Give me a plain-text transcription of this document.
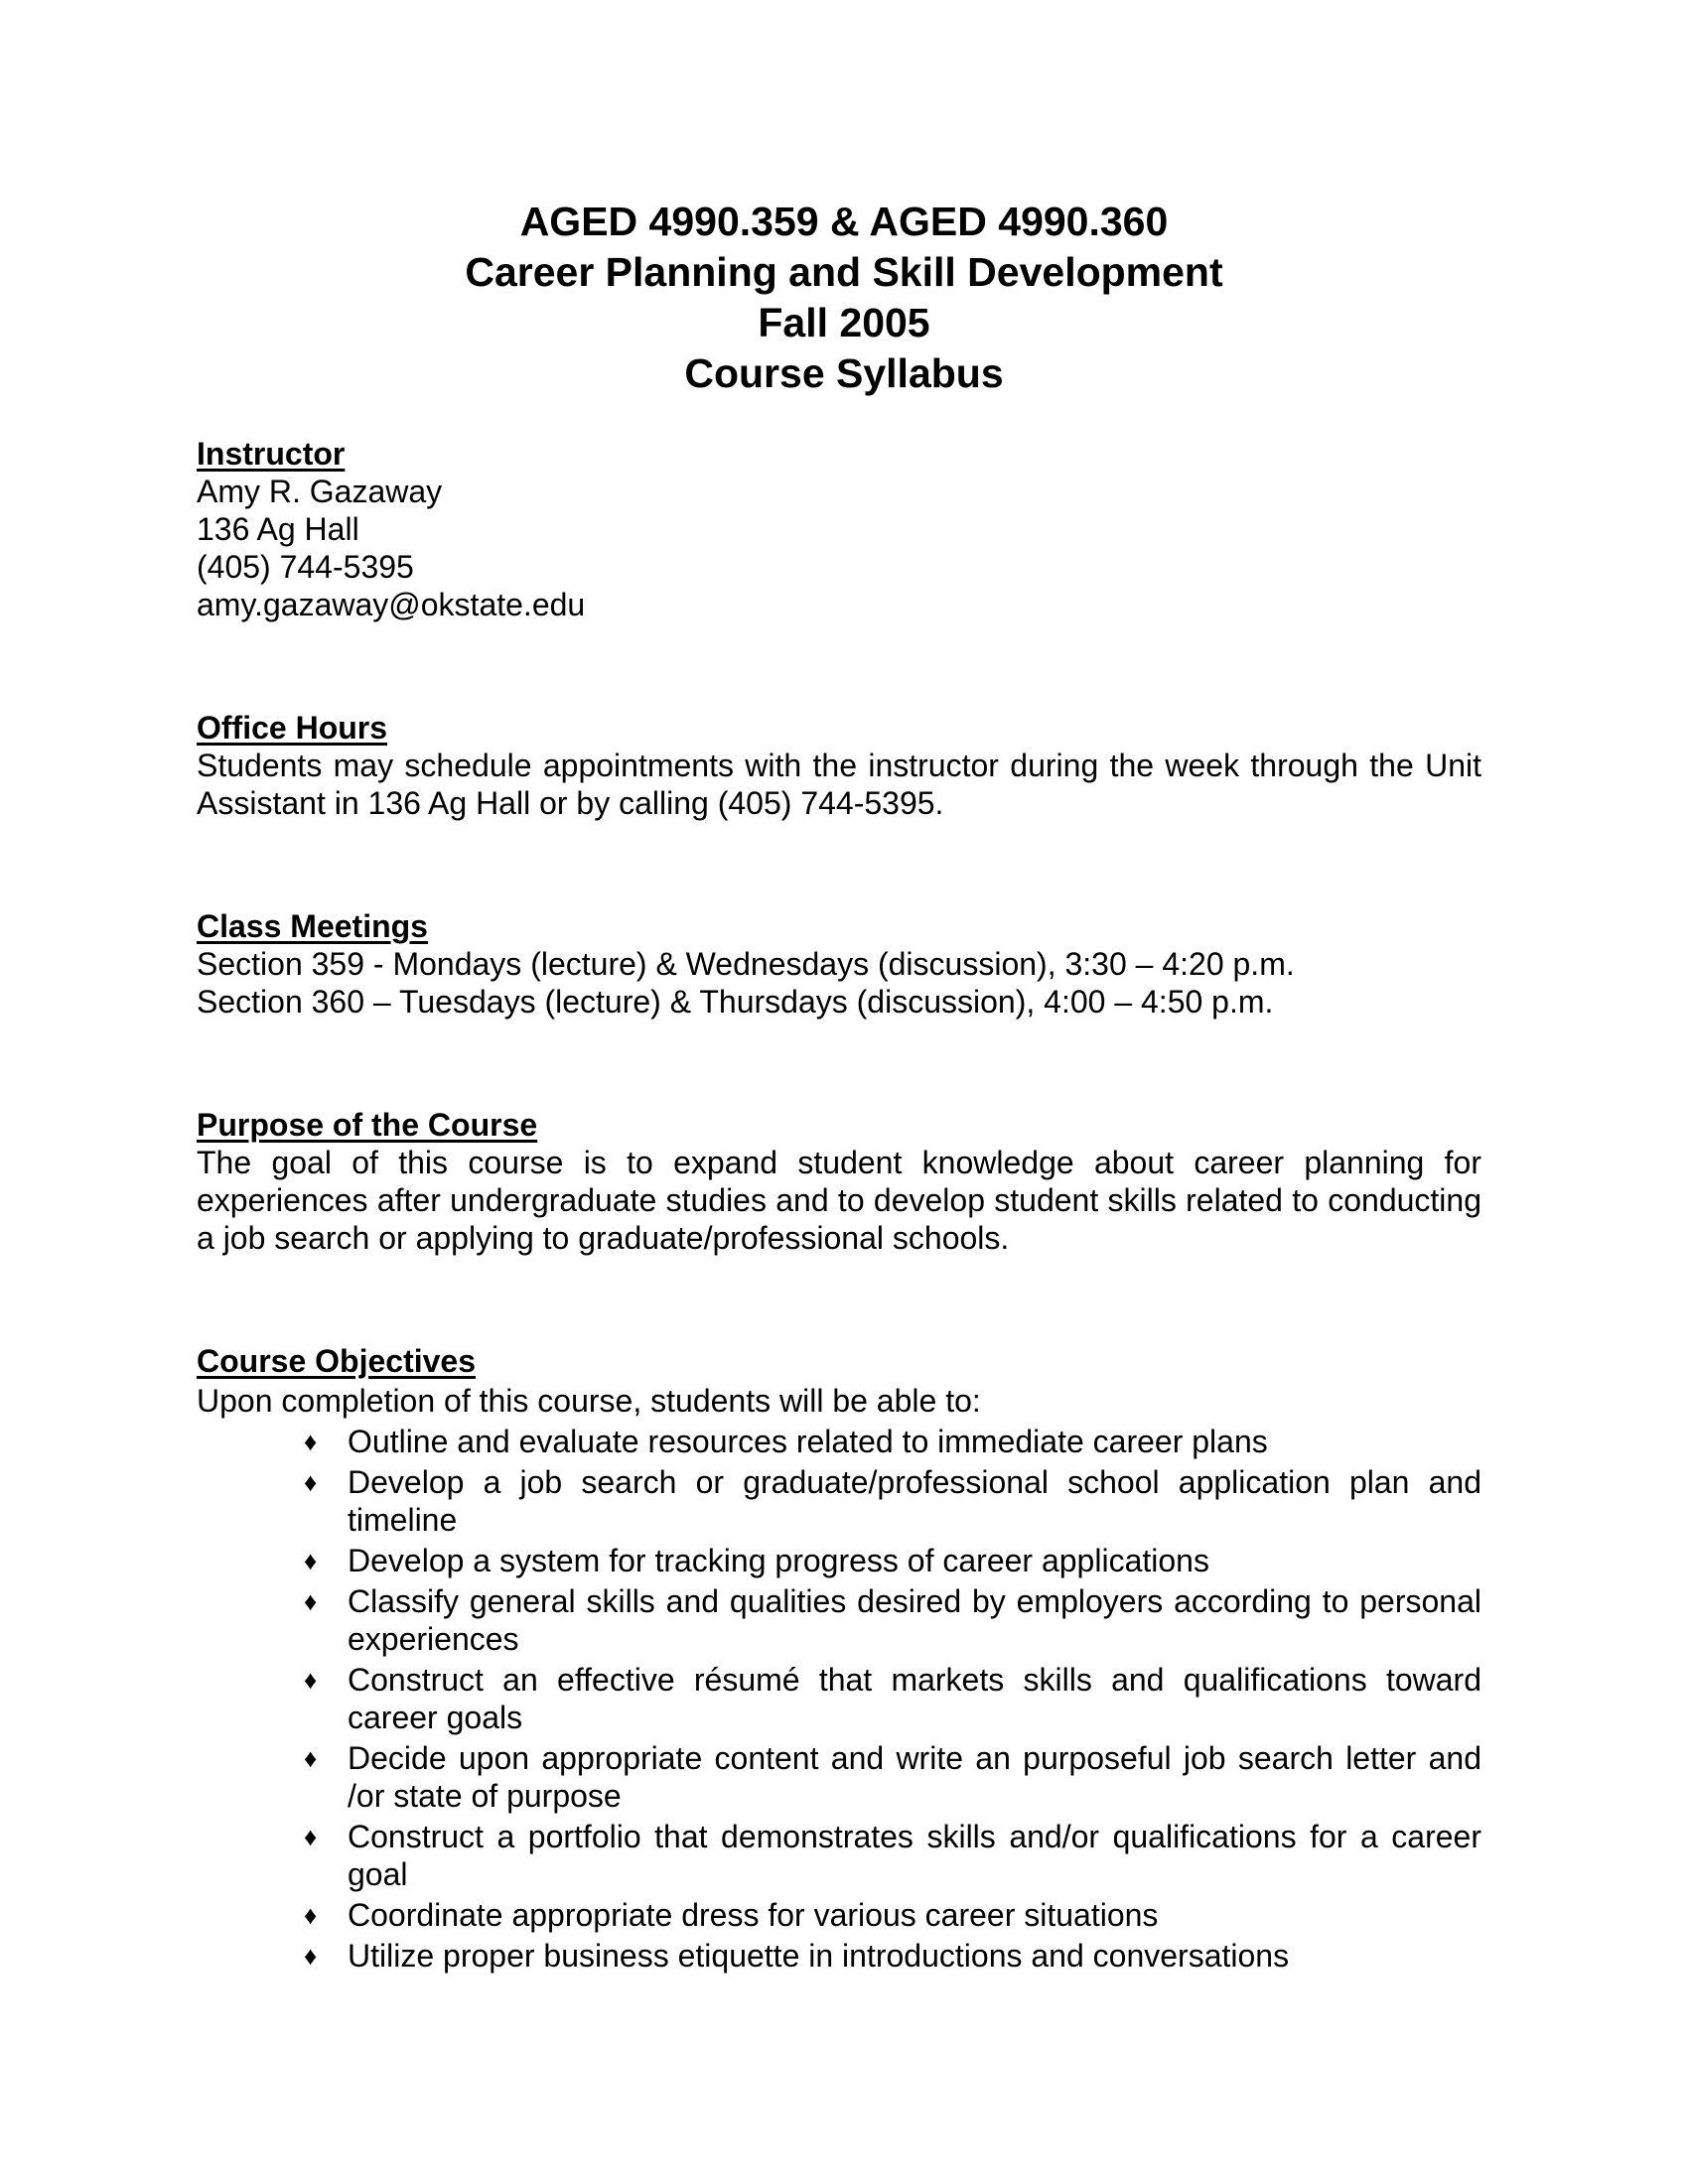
AGED 4990.359 & AGED 4990.360
Career Planning and Skill Development
Fall 2005
Course Syllabus

Instructor

Amy R. Gazaway
136 Ag Hall
(405) 744-5395
amy.gazaway@okstate.edu

Office Hours

Students may schedule appointments with the instructor during the week through the Unit Assistant in 136 Ag Hall or by calling (405) 744-5395.

Class Meetings

Section 359 - Mondays (lecture) & Wednesdays (discussion), 3:30 – 4:20 p.m.
Section 360 – Tuesdays (lecture) & Thursdays (discussion), 4:00 – 4:50 p.m.

Purpose of the Course

The goal of this course is to expand student knowledge about career planning for experiences after undergraduate studies and to develop student skills related to conducting a job search or applying to graduate/professional schools.

Course Objectives

Upon completion of this course, students will be able to:

♦ Outline and evaluate resources related to immediate career plans
♦ Develop a job search or graduate/professional school application plan and timeline
♦ Develop a system for tracking progress of career applications
♦ Classify general skills and qualities desired by employers according to personal experiences
♦ Construct an effective résumé that markets skills and qualifications toward career goals
♦ Decide upon appropriate content and write an purposeful job search letter and /or state of purpose
♦ Construct a portfolio that demonstrates skills and/or qualifications for a career goal
♦ Coordinate appropriate dress for various career situations
♦ Utilize proper business etiquette in introductions and conversations
